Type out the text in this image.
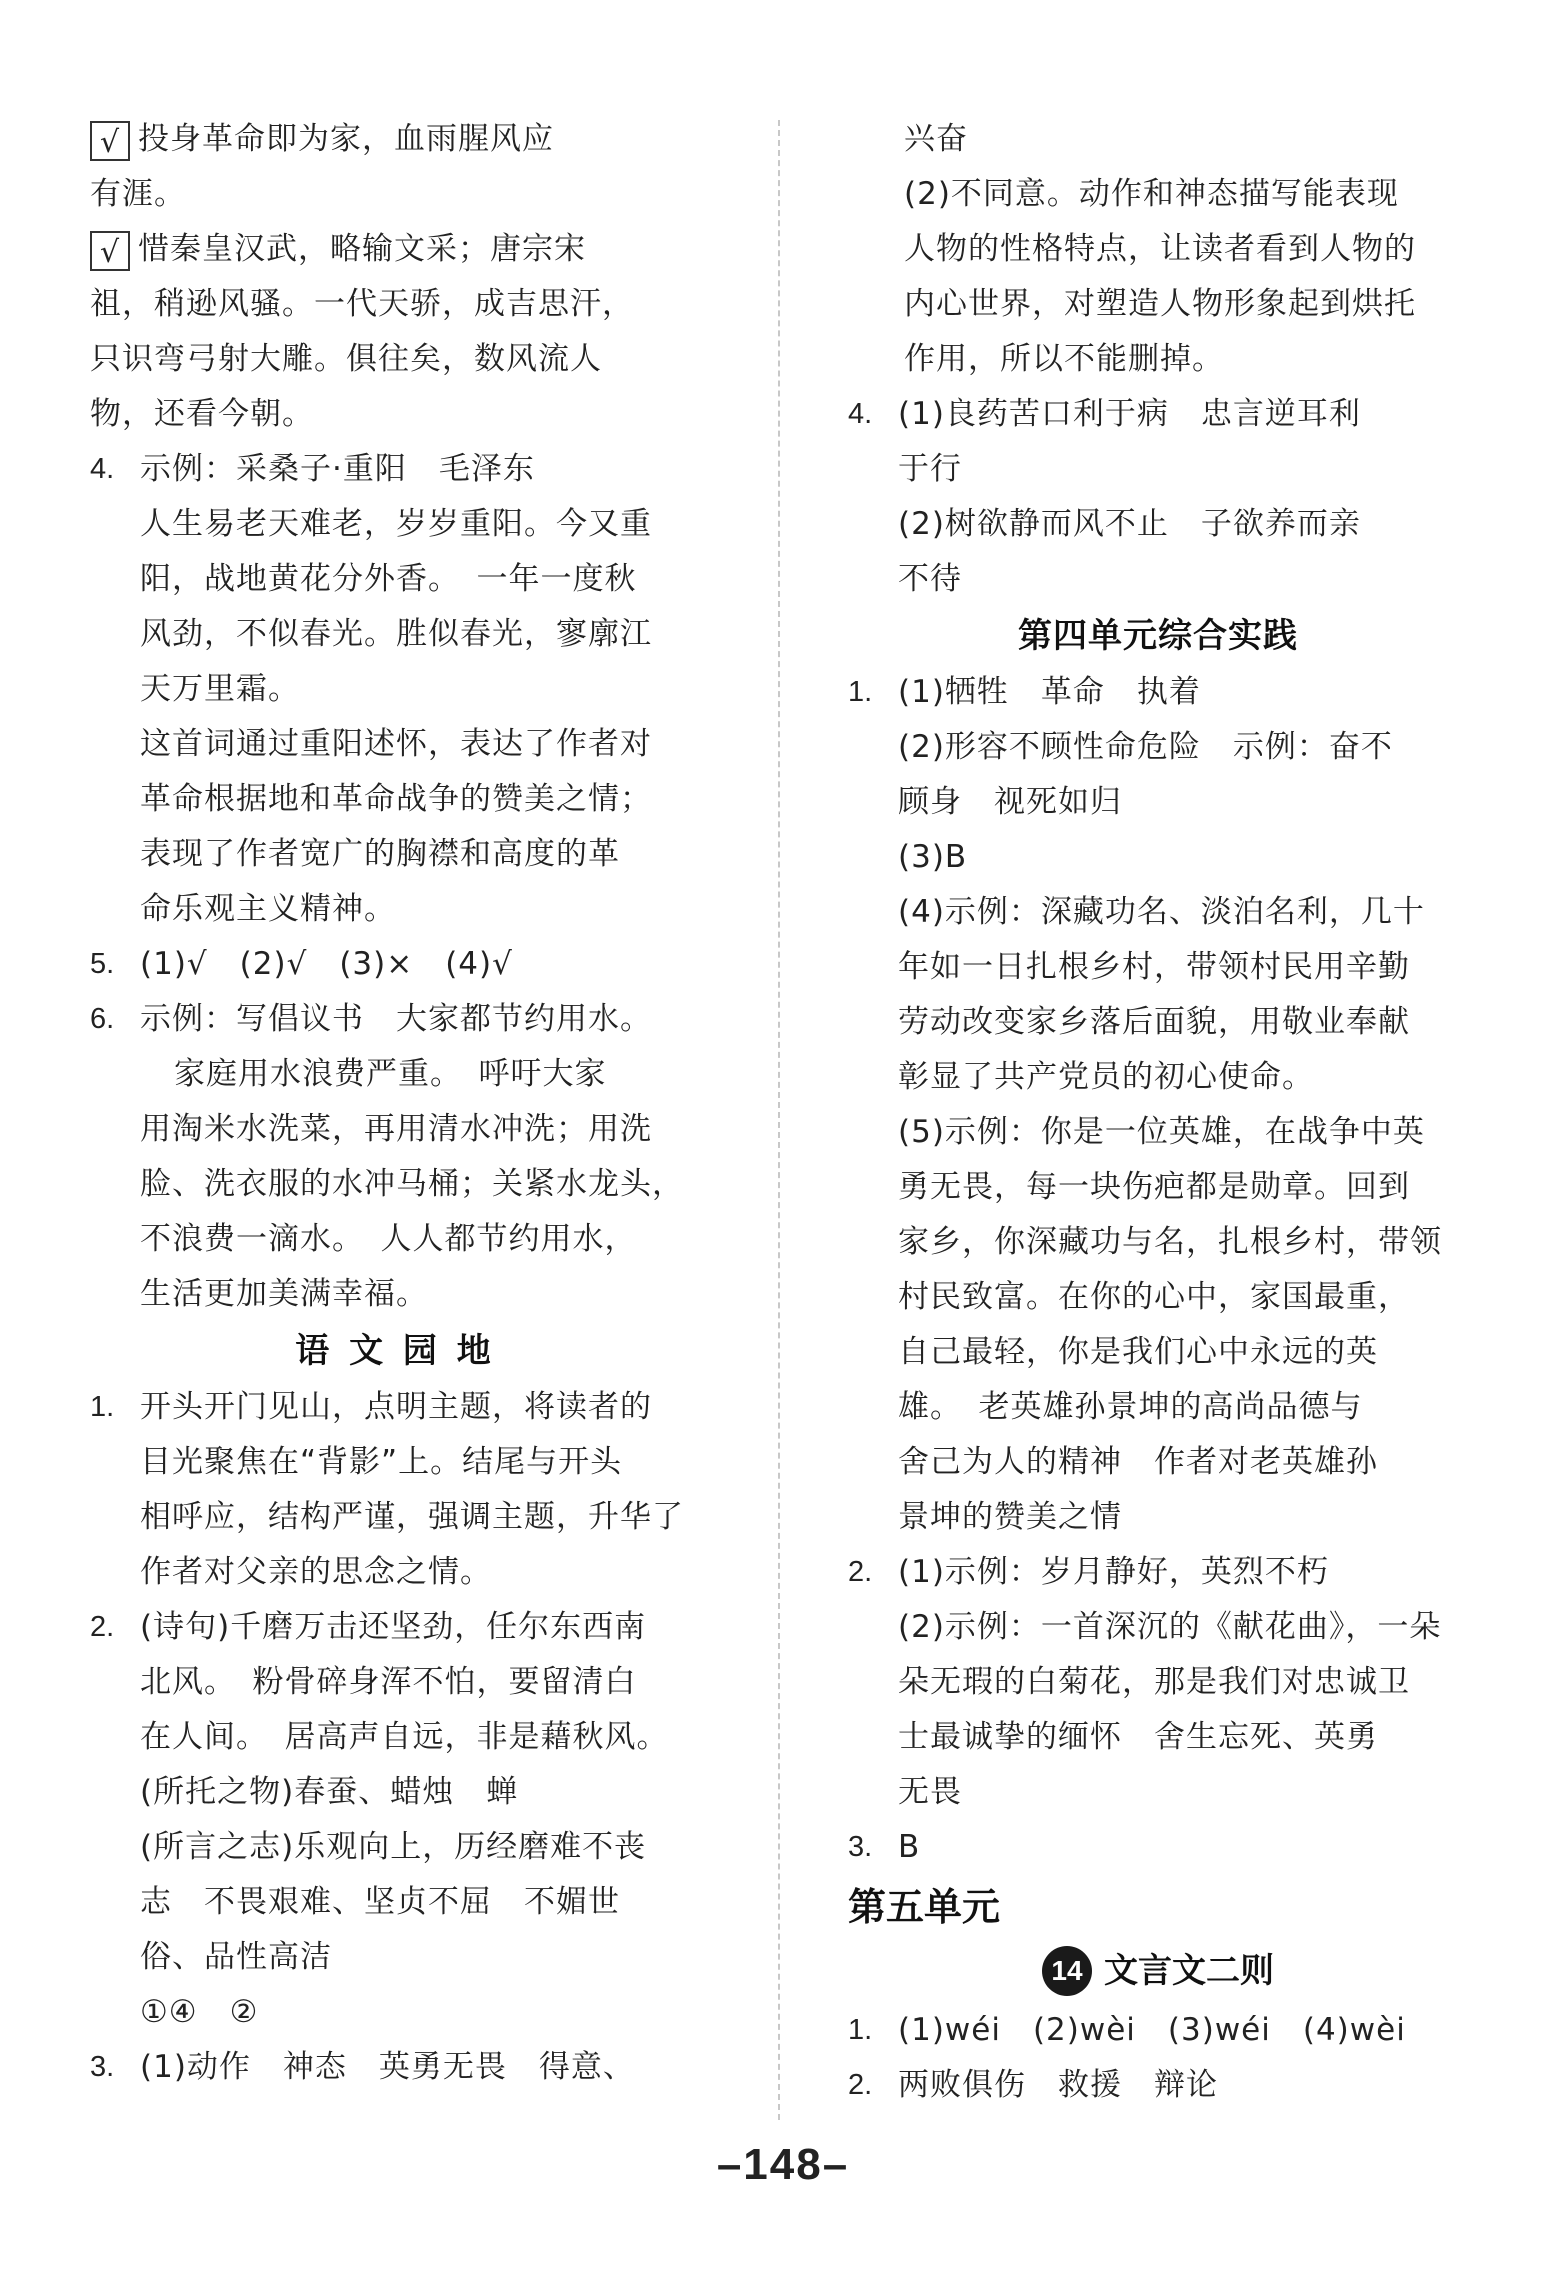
√ 投身革命即为家，血雨腥风应
有涯。
√ 惜秦皇汉武，略输文采；唐宗宋
祖，稍逊风骚。一代天骄，成吉思汗，
只识弯弓射大雕。俱往矣，数风流人
物，还看今朝。
4. 示例：采桑子·重阳　毛泽东
人生易老天难老，岁岁重阳。今又重
阳，战地黄花分外香。　一年一度秋
风劲，不似春光。胜似春光，寥廓江
天万里霜。
这首词通过重阳述怀，表达了作者对
革命根据地和革命战争的赞美之情；
表现了作者宽广的胸襟和高度的革
命乐观主义精神。
5. (1)√　(2)√　(3)×　(4)√
6. 示例：写倡议书　大家都节约用水。
家庭用水浪费严重。　呼吁大家
用淘米水洗菜，再用清水冲洗；用洗
脸、洗衣服的水冲马桶；关紧水龙头，
不浪费一滴水。　人人都节约用水，
生活更加美满幸福。
语 文 园 地
1. 开头开门见山，点明主题，将读者的
目光聚焦在“背影”上。结尾与开头
相呼应，结构严谨，强调主题，升华了
作者对父亲的思念之情。
2. (诗句)千磨万击还坚劲，任尔东西南
北风。　粉骨碎身浑不怕，要留清白
在人间。　居高声自远，非是藉秋风。
(所托之物)春蚕、蜡烛　蝉
(所言之志)乐观向上，历经磨难不丧
志　不畏艰难、坚贞不屈　不媚世
俗、品性高洁
①④　②
3. (1)动作　神态　英勇无畏　得意、
兴奋
(2)不同意。动作和神态描写能表现
人物的性格特点，让读者看到人物的
内心世界，对塑造人物形象起到烘托
作用，所以不能删掉。
4. (1)良药苦口利于病　忠言逆耳利
于行
(2)树欲静而风不止　子欲养而亲
不待
第四单元综合实践
1. (1)牺牲　革命　执着
(2)形容不顾性命危险　示例：奋不
顾身　视死如归
(3)B
(4)示例：深藏功名、淡泊名利，几十
年如一日扎根乡村，带领村民用辛勤
劳动改变家乡落后面貌，用敬业奉献
彰显了共产党员的初心使命。
(5)示例：你是一位英雄，在战争中英
勇无畏，每一块伤疤都是勋章。回到
家乡，你深藏功与名，扎根乡村，带领
村民致富。在你的心中，家国最重，
自己最轻，你是我们心中永远的英
雄。　老英雄孙景坤的高尚品德与
舍己为人的精神　作者对老英雄孙
景坤的赞美之情
2. (1)示例：岁月静好，英烈不朽
(2)示例：一首深沉的《献花曲》，一朵
朵无瑕的白菊花，那是我们对忠诚卫
士最诚挚的缅怀　舍生忘死、英勇
无畏
3. B
第五单元
14 文言文二则
1. (1)wéi　(2)wèi　(3)wéi　(4)wèi
2. 两败俱伤　救援　辩论
–148–
